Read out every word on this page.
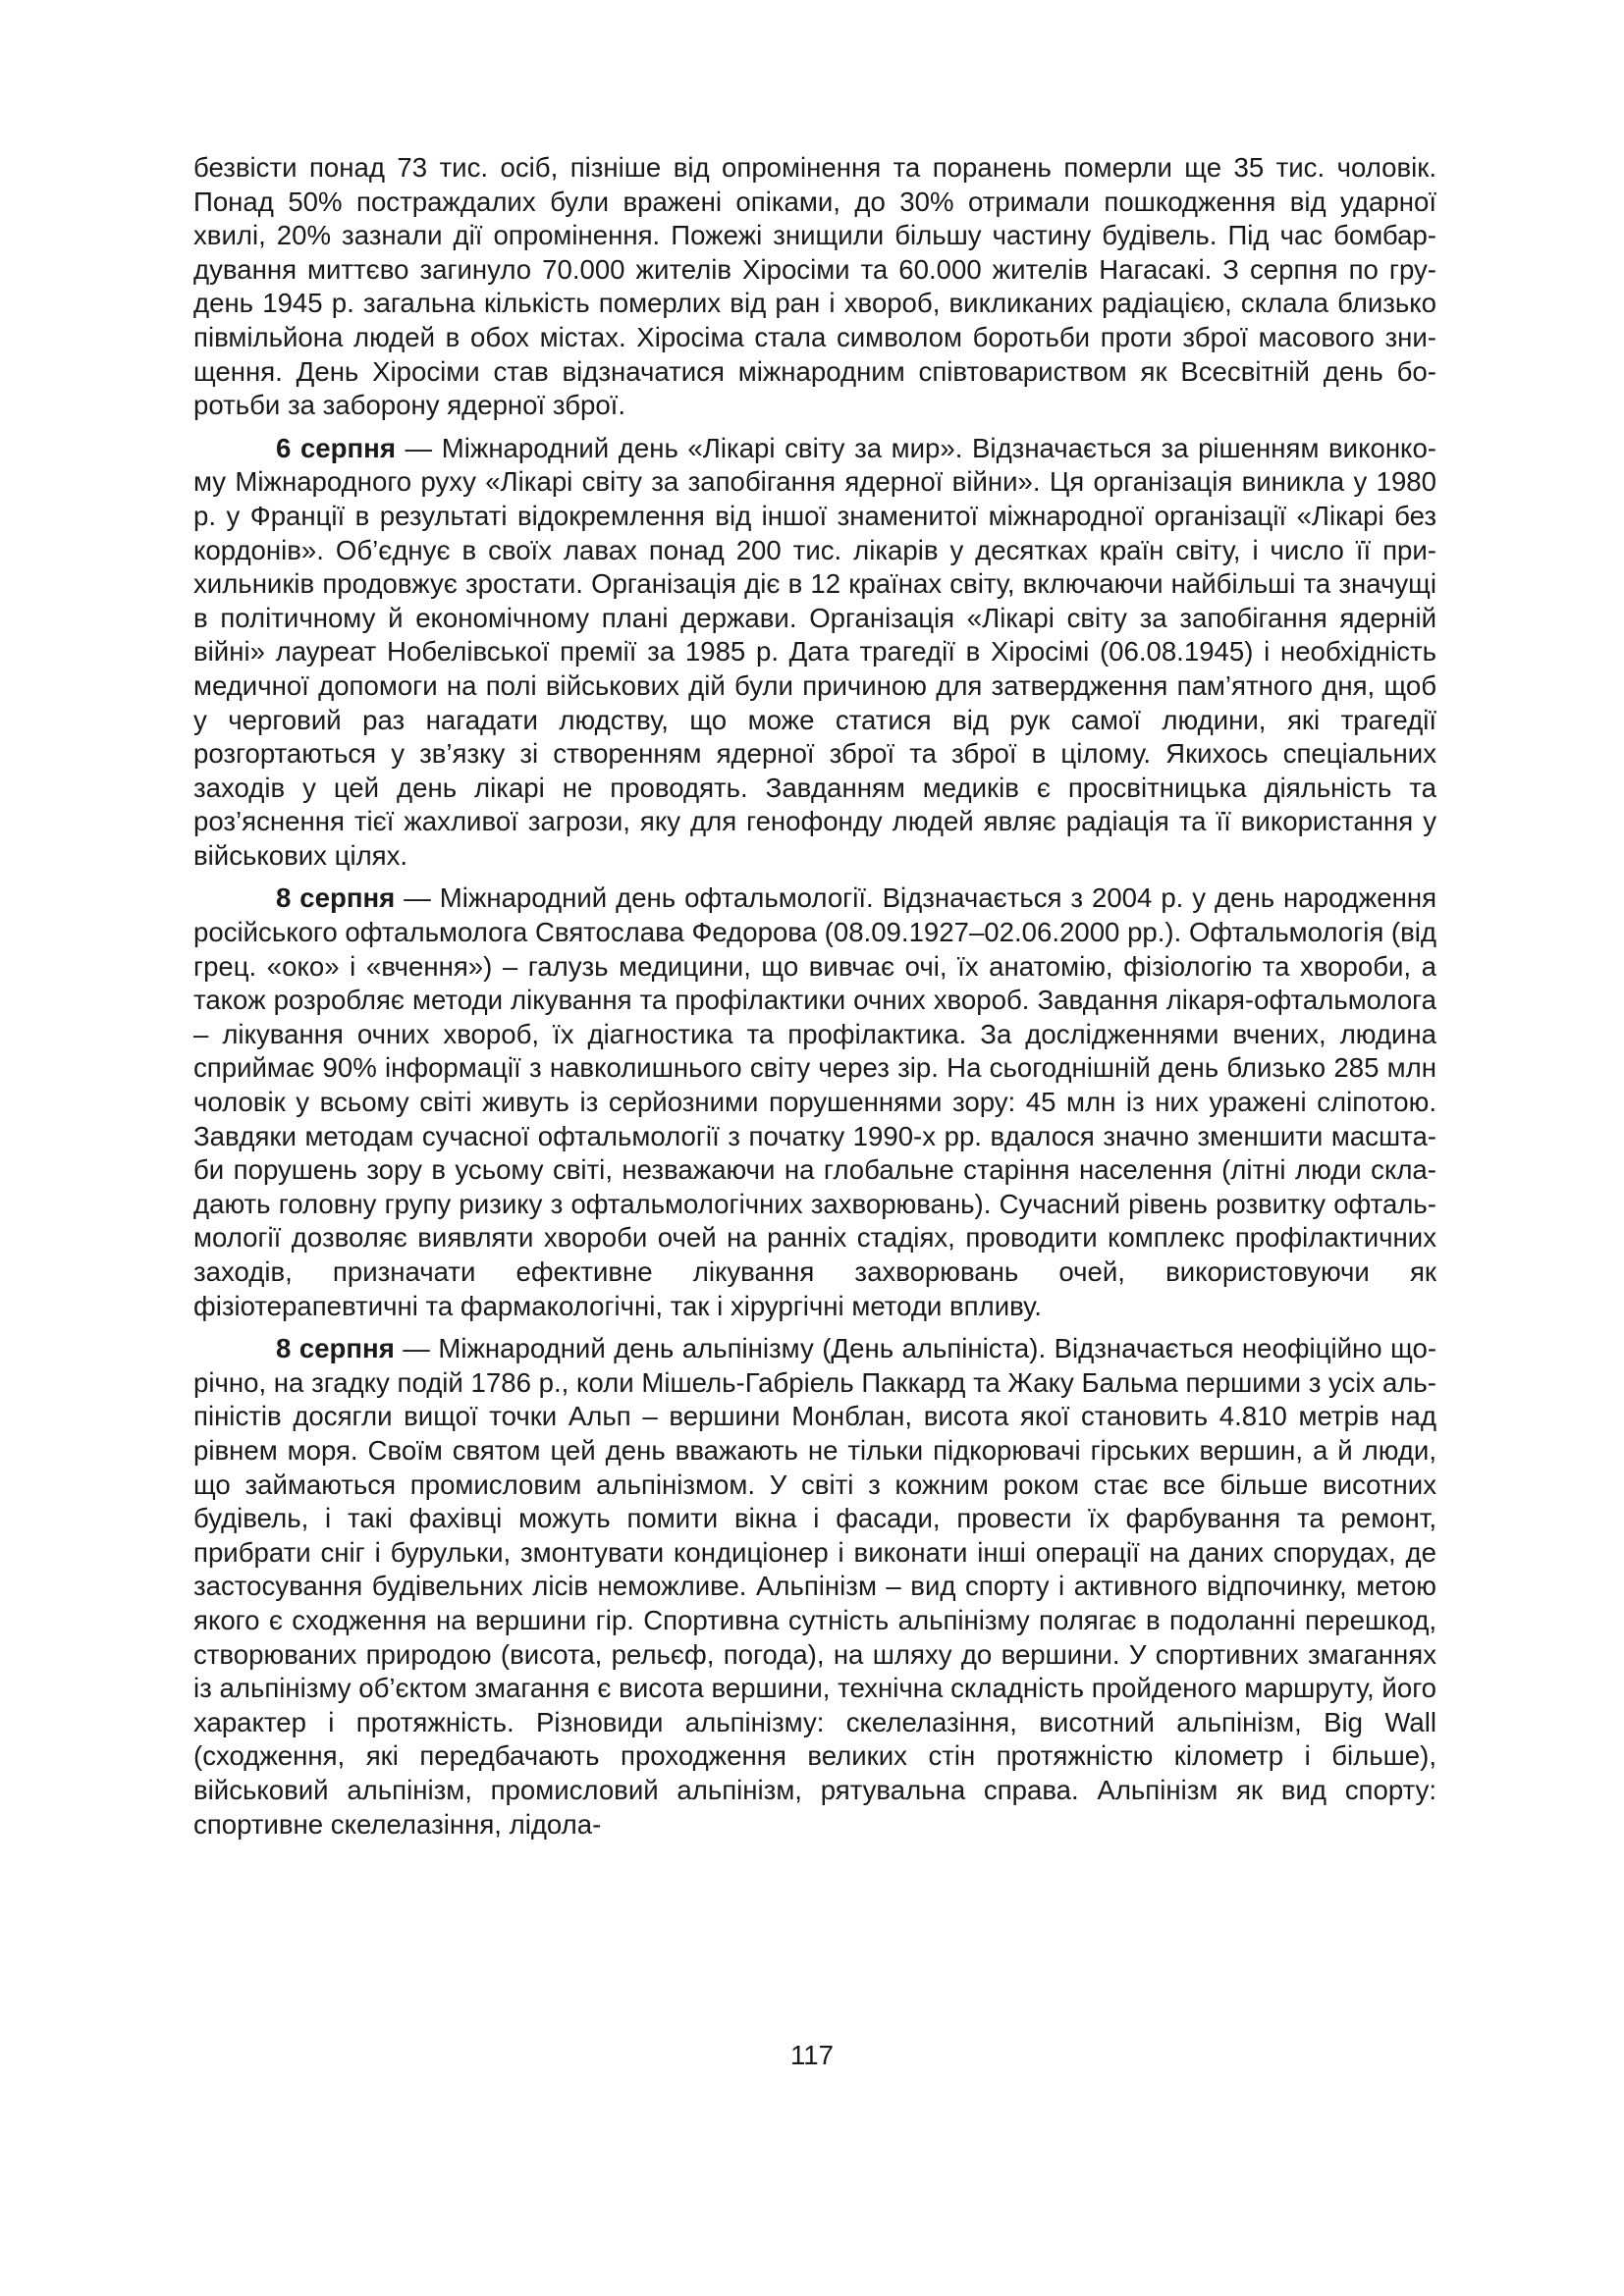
безвісти понад 73 тис. осіб, пізніше від опромінення та поранень померли ще 35 тис. чоловік. Понад 50% постраждалих були вражені опіками, до 30% отримали пошкодження від ударної хвилі, 20% зазнали дії опромінення. Пожежі знищили більшу частину будівель. Під час бомбардування миттєво загинуло 70.000 жителів Хіросіми та 60.000 жителів Нагасакі. З серпня по грудень 1945 р. загальна кількість померлих від ран і хвороб, викликаних радіацією, склала близько півмільйона людей в обох містах. Хіросіма стала символом боротьби проти зброї масового знищення. День Хіросіми став відзначатися міжнародним співтовариством як Всесвітній день боротьби за заборону ядерної зброї.

6 серпня — Міжнародний день «Лікарі світу за мир». Відзначається за рішенням виконкому Міжнародного руху «Лікарі світу за запобігання ядерної війни». Ця організація виникла у 1980 р. у Франції в результаті відокремлення від іншої знаменитої міжнародної організації «Лікарі без кордонів». Об’єднує в своїх лавах понад 200 тис. лікарів у десятках країн світу, і число її прихильників продовжує зростати. Організація діє в 12 країнах світу, включаючи найбільші та значущі в політичному й економічному плані держави. Організація «Лікарі світу за запобігання ядерній війні» лауреат Нобелівської премії за 1985 р. Дата трагедії в Хіросімі (06.08.1945) і необхідність медичної допомоги на полі військових дій були причиною для затвердження пам’ятного дня, щоб у черговий раз нагадати людству, що може статися від рук самої людини, які трагедії розгортаються у зв’язку зі створенням ядерної зброї та зброї в цілому. Якихось спеціальних заходів у цей день лікарі не проводять. Завданням медиків є просвітницька діяльність та роз’яснення тієї жахливої загрози, яку для генофонду людей являє радіація та її використання у військових цілях.

8 серпня — Міжнародний день офтальмології. Відзначається з 2004 р. у день народження російського офтальмолога Святослава Федорова (08.09.1927–02.06.2000 рр.). Офтальмологія (від грец. «око» і «вчення») – галузь медицини, що вивчає очі, їх анатомію, фізіологію та хвороби, а також розробляє методи лікування та профілактики очних хвороб. Завдання лікаря-офтальмолога – лікування очних хвороб, їх діагностика та профілактика. За дослідженнями вчених, людина сприймає 90% інформації з навколишнього світу через зір. На сьогоднішній день близько 285 млн чоловік у всьому світі живуть із серйозними порушеннями зору: 45 млн із них уражені сліпотою. Завдяки методам сучасної офтальмології з початку 1990-х рр. вдалося значно зменшити масштаби порушень зору в усьому світі, незважаючи на глобальне старіння населення (літні люди складають головну групу ризику з офтальмологічних захворювань). Сучасний рівень розвитку офтальмології дозволяє виявляти хвороби очей на ранніх стадіях, проводити комплекс профілактичних заходів, призначати ефективне лікування захворювань очей, використовуючи як фізіотерапевтичні та фармакологічні, так і хірургічні методи впливу.

8 серпня — Міжнародний день альпінізму (День альпініста). Відзначається неофіційно щорічно, на згадку подій 1786 р., коли Мішель-Габріель Паккард та Жаку Бальма першими з усіх альпіністів досягли вищої точки Альп – вершини Монблан, висота якої становить 4.810 метрів над рівнем моря. Своїм святом цей день вважають не тільки підкорювачі гірських вершин, а й люди, що займаються промисловим альпінізмом. У світі з кожним роком стає все більше висотних будівель, і такі фахівці можуть помити вікна і фасади, провести їх фарбування та ремонт, прибрати сніг і бурульки, змонтувати кондиціонер і виконати інші операції на даних спорудах, де застосування будівельних лісів неможливе. Альпінізм – вид спорту і активного відпочинку, метою якого є сходження на вершини гір. Спортивна сутність альпінізму полягає в подоланні перешкод, створюваних природою (висота, рельєф, погода), на шляху до вершини. У спортивних змаганнях із альпінізму об’єктом змагання є висота вершини, технічна складність пройденого маршруту, його характер і протяжність. Різновиди альпінізму: скелелазіння, висотний альпінізм, Big Wall (сходження, які передбачають проходження великих стін протяжністю кілометр і більше), військовий альпінізм, промисловий альпінізм, рятувальна справа. Альпінізм як вид спорту: спортивне скелелазіння, лідола-

117
